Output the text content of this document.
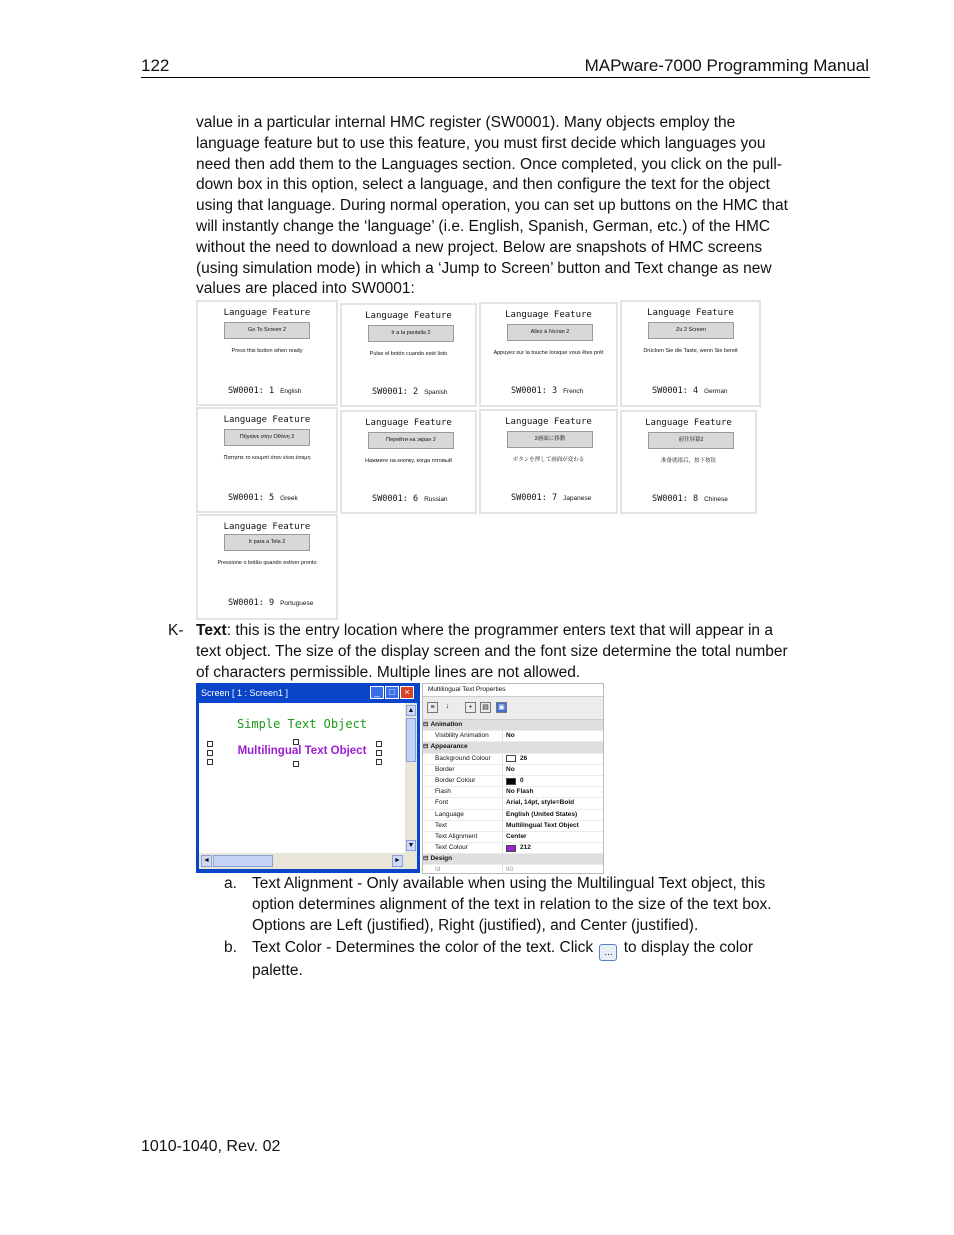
122	MAPware-7000 Programming Manual

value in a particular internal HMC register (SW0001). Many objects employ the

language feature but to use this feature, you must first decide which languages you

need then add them to the Languages section. Once completed, you click on the pull-

down box in this option, select a language, and then configure the text for the object

using that language. During normal operation, you can set up buttons on the HMC that

will instantly change the ‘language’ (i.e. English, Spanish, German, etc.) of the HMC

without the need to download a new project. Below are snapshots of HMC screens

(using simulation mode) in which a ‘Jump to Screen’ button and Text change as new

values are placed into SW0001:

Language Feature
Go To Screen 2
Press this button when ready
SW0001: 1 English
Language Feature
Ir a la pantalla 2
Pulse el botón cuando esté listo
SW0001: 2 Spanish
Language Feature
Allez à l'écran 2
Appuyez sur la touche lorsque vous êtes prêt
SW0001: 3 French
Language Feature
Zu 2 Screen
Drücken Sie die Taste, wenn Sie bereit
SW0001: 4 German
Language Feature
Πήγαινε στην Οθόνη 2
Πατήστε το κουμπί όταν είναι έτοιμη
SW0001: 5 Greek
Language Feature
Перейти на экран 2
Нажмите на кнопку, когда готовый
SW0001: 6 Russian
Language Feature
2画面に移動
ボタンを押して画面が変わる
SW0001: 7 Japanese
Language Feature
前往屏幕2
准备就绪后，按下按钮
SW0001: 8 Chinese
Language Feature
Ir para a Tela 2
Pressione o botão quando estiver pronto
SW0001: 9 Portuguese
K- Text: this is the entry location where the programmer enters text that will appear in a

text object. The size of the display screen and the font size determine the total number

of characters permissible. Multiple lines are not allowed.

Screen [ 1 : Screen1 ]	_	□	×
Simple Text Object
Multilingual Text Object
▲
▼
◄	►
Multilingual Text Properties
≡	↓	+	▤	▣
⊟ Animation
Visibility Animation	No
⊟ Appearance
Background Colour	26
Border	No
Border Colour	0
Flash	No Flash
Font	Arial, 14pt, style=Bold
Language	English (United States)
Text	Multilingual Text Object
Text Alignment	Center
Text Colour	212
⊟ Design
Id	80
a. Text Alignment - Only available when using the Multilingual Text object, this
option determines alignment of the text in relation to the size of the text box.
Options are Left (justified), Right (justified), and Center (justified).
b. Text Color - Determines the color of the text. Click … to display the color
palette.
1010-1040, Rev. 02
